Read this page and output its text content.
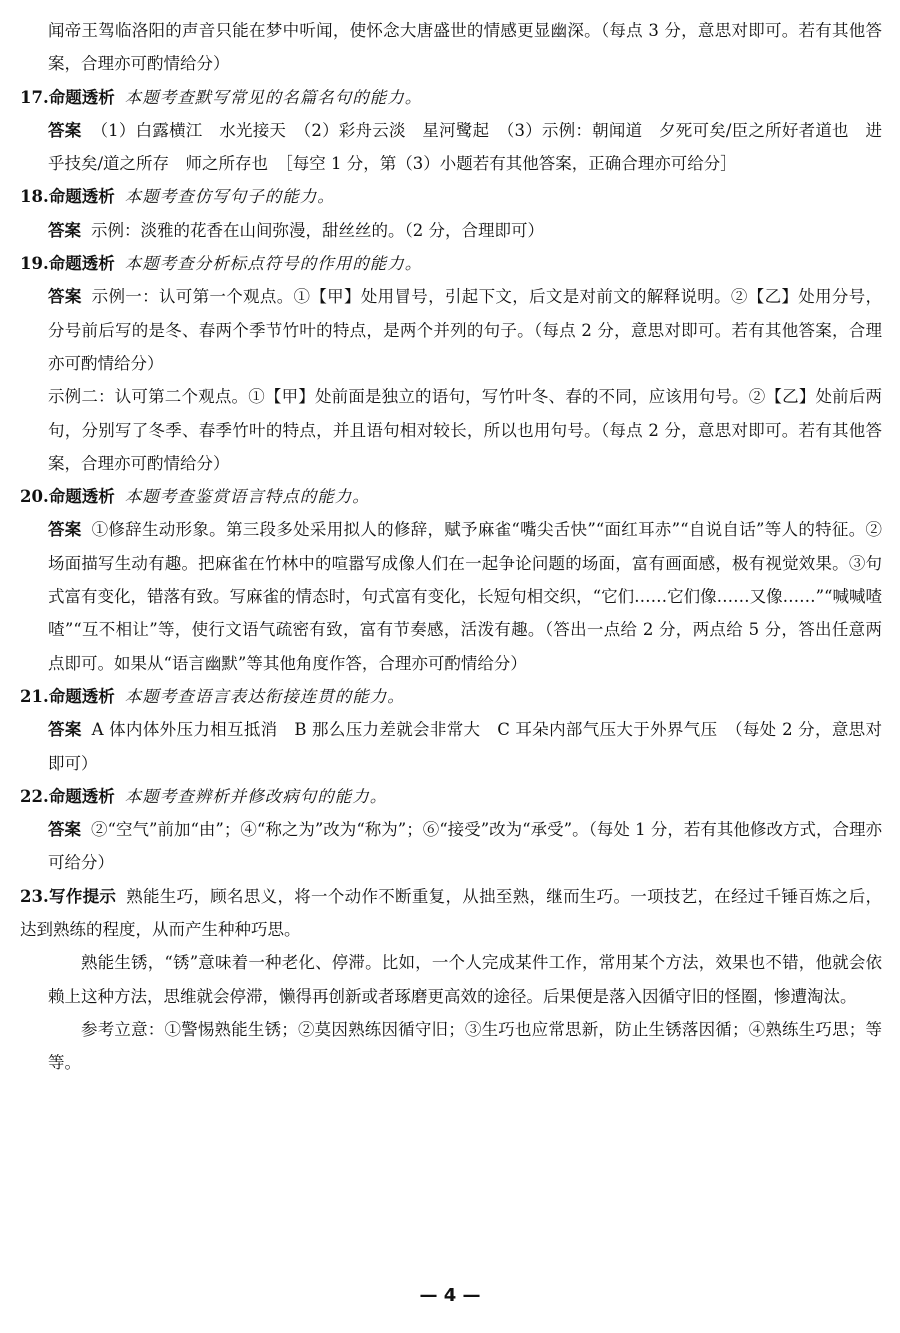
闻帝王驾临洛阳的声音只能在梦中听闻，使怀念大唐盛世的情感更显幽深。（每点 3 分，意思对即可。若有其他答案，合理亦可酌情给分）

17.命题透析 本题考查默写常见的名篇名句的能力。

答案 （1）白露横江　水光接天　（2）彩舟云淡　星河鹭起　（3）示例：朝闻道　夕死可矣/臣之所好者道也　进乎技矣/道之所存　师之所存也　［每空 1 分，第（3）小题若有其他答案，正确合理亦可给分］

18.命题透析 本题考查仿写句子的能力。

答案 示例：淡雅的花香在山间弥漫，甜丝丝的。（2 分，合理即可）

19.命题透析 本题考查分析标点符号的作用的能力。

答案 示例一：认可第一个观点。①【甲】处用冒号，引起下文，后文是对前文的解释说明。②【乙】处用分号，分号前后写的是冬、春两个季节竹叶的特点，是两个并列的句子。（每点 2 分，意思对即可。若有其他答案，合理亦可酌情给分）

示例二：认可第二个观点。①【甲】处前面是独立的语句，写竹叶冬、春的不同，应该用句号。②【乙】处前后两句，分别写了冬季、春季竹叶的特点，并且语句相对较长，所以也用句号。（每点 2 分，意思对即可。若有其他答案，合理亦可酌情给分）

20.命题透析 本题考查鉴赏语言特点的能力。

答案 ①修辞生动形象。第三段多处采用拟人的修辞，赋予麻雀“嘴尖舌快”“面红耳赤”“自说自话”等人的特征。②场面描写生动有趣。把麻雀在竹林中的喧嚣写成像人们在一起争论问题的场面，富有画面感，极有视觉效果。③句式富有变化，错落有致。写麻雀的情态时，句式富有变化，长短句相交织，“它们……它们像……又像……”“喊喊喳喳”“互不相让”等，使行文语气疏密有致，富有节奏感，活泼有趣。（答出一点给 2 分，两点给 5 分，答出任意两点即可。如果从“语言幽默”等其他角度作答，合理亦可酌情给分）

21.命题透析 本题考查语言表达衔接连贯的能力。

答案 A 体内体外压力相互抵消　B 那么压力差就会非常大　C 耳朵内部气压大于外界气压　（每处 2 分，意思对即可）

22.命题透析 本题考查辨析并修改病句的能力。

答案 ②“空气”前加“由”；④“称之为”改为“称为”；⑥“接受”改为“承受”。（每处 1 分，若有其他修改方式，合理亦可给分）

23.写作提示 熟能生巧，顾名思义，将一个动作不断重复，从拙至熟，继而生巧。一项技艺，在经过千锤百炼之后，达到熟练的程度，从而产生种种巧思。

熟能生锈，“锈”意味着一种老化、停滞。比如，一个人完成某件工作，常用某个方法，效果也不错，他就会依赖上这种方法，思维就会停滞，懒得再创新或者琢磨更高效的途径。后果便是落入因循守旧的怪圈，惨遭淘汰。

参考立意：①警惕熟能生锈；②莫因熟练因循守旧；③生巧也应常思新，防止生锈落因循；④熟练生巧思；等等。

— 4 —
